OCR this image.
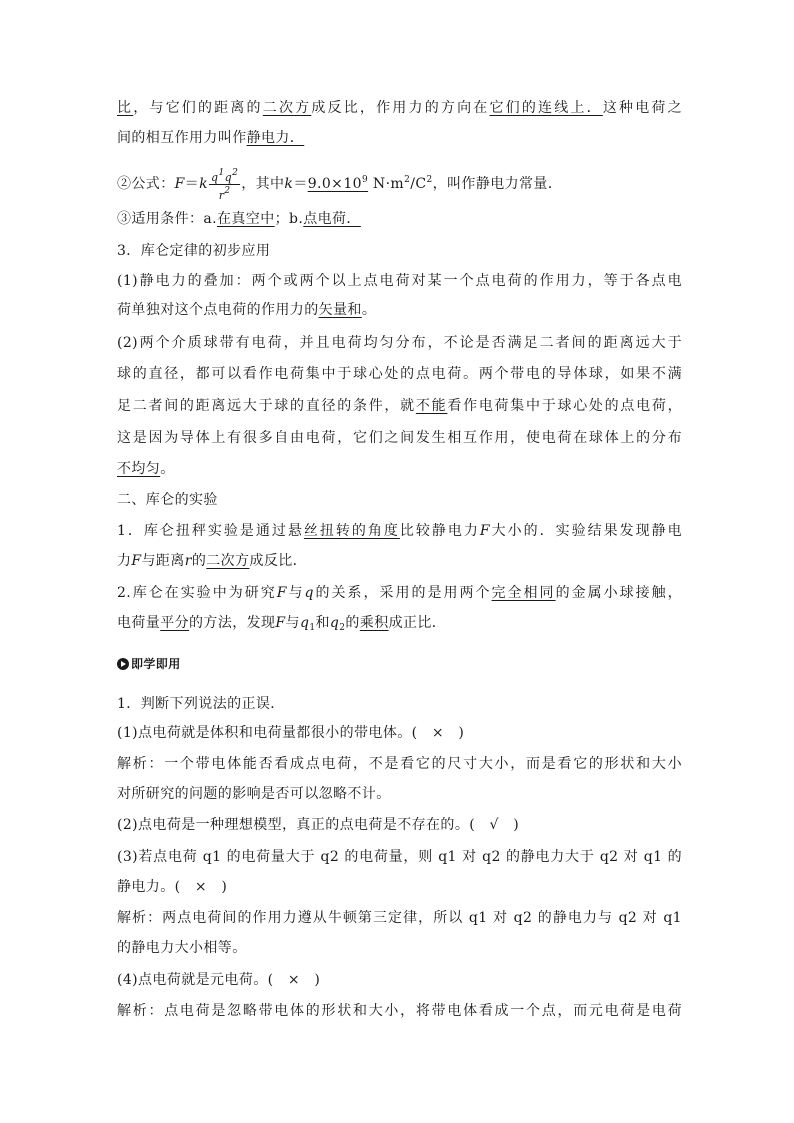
比，与它们的距离的二次方成反比，作用力的方向在它们的连线上．这种电荷之
间的相互作用力叫作静电力．
②公式：$F=k \frac{q^1q^2}{r^2}$ ，其中$k=9.0\times 10^9$ $N\cdot m^2/C^2$，叫作静电力常量．
③适用条件：a.在真空中；b.点电荷．
3．库仑定律的初步应用
(1)静电力的叠加：两个或两个以上点电荷对某一个点电荷的作用力，等于各点电
荷单独对这个点电荷的作用力的矢量和。
(2)两个介质球带有电荷，并且电荷均匀分布，不论是否满足二者间的距离远大于
球的直径，都可以看作电荷集中于球心处的点电荷。两个带电的导体球，如果不满
足二者间的距离远大于球的直径的条件，就不能看作电荷集中于球心处的点电荷，
这是因为导体上有很多自由电荷，它们之间发生相互作用，使电荷在球体上的分布
不均匀。
二、库仑的实验
1．库仑扭秤实验是通过悬丝扭转的角度比较静电力F大小的．实验结果发现静电
力F与距离r的二次方成反比．
2.库仑在实验中为研究F与q的关系，采用的是用两个完全相同的金属小球接触，
电荷量平分的方法，发现F与$q_1$和$q_2$的乘积成正比．
即学即用
1．判断下列说法的正误．
(1)点电荷就是体积和电荷量都很小的带电体。(　×　)
解析：一个带电体能否看成点电荷，不是看它的尺寸大小，而是看它的形状和大小
对所研究的问题的影响是否可以忽略不计。
(2)点电荷是一种理想模型，真正的点电荷是不存在的。(　√　)
(3)若点电荷 q1 的电荷量大于 q2 的电荷量，则 q1 对 q2 的静电力大于 q2 对 q1 的
静电力。(　×　)
解析：两点电荷间的作用力遵从牛顿第三定律，所以 q1 对 q2 的静电力与 q2 对 q1
的静电力大小相等。
(4)点电荷就是元电荷。(　×　)
解析：点电荷是忽略带电体的形状和大小，将带电体看成一个点，而元电荷是电荷
